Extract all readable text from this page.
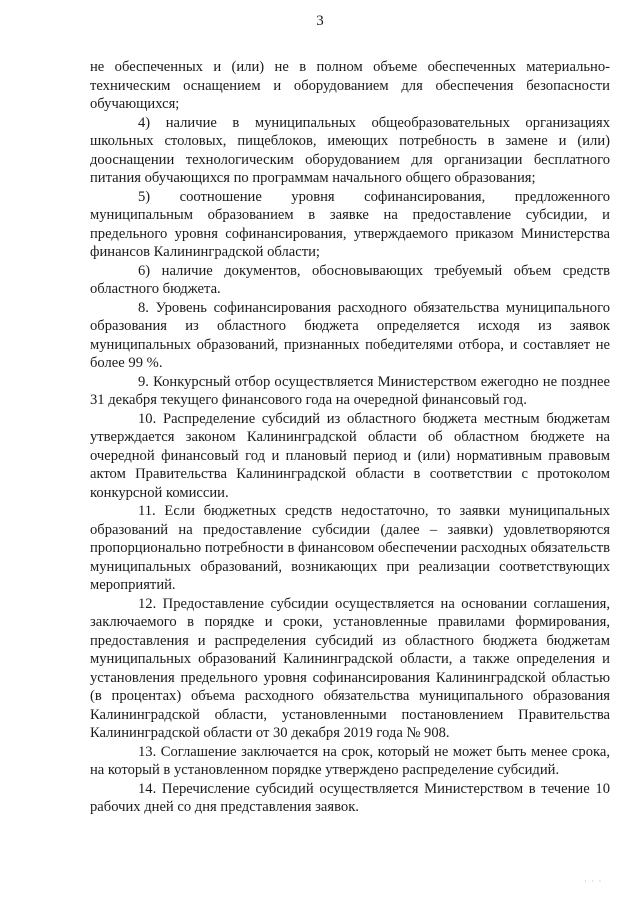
3

не обеспеченных и (или) не в полном объеме обеспеченных материально-техническим оснащением и оборудованием для обеспечения безопасности обучающихся;

4) наличие в муниципальных общеобразовательных организациях школьных столовых, пищеблоков, имеющих потребность в замене и (или) дооснащении технологическим оборудованием для организации бесплатного питания обучающихся по программам начального общего образования;

5) соотношение уровня софинансирования, предложенного муниципальным образованием в заявке на предоставление субсидии, и предельного уровня софинансирования, утверждаемого приказом Министерства финансов Калининградской области;

6) наличие документов, обосновывающих требуемый объем средств областного бюджета.

8. Уровень софинансирования расходного обязательства муниципального образования из областного бюджета определяется исходя из заявок муниципальных образований, признанных победителями отбора, и составляет не более 99 %.

9. Конкурсный отбор осуществляется Министерством ежегодно не позднее 31 декабря текущего финансового года на очередной финансовый год.

10. Распределение субсидий из областного бюджета местным бюджетам утверждается законом Калининградской области об областном бюджете на очередной финансовый год и плановый период и (или) нормативным правовым актом Правительства Калининградской области в соответствии с протоколом конкурсной комиссии.

11. Если бюджетных средств недостаточно, то заявки муниципальных образований на предоставление субсидии (далее – заявки) удовлетворяются пропорционально потребности в финансовом обеспечении расходных обязательств муниципальных образований, возникающих при реализации соответствующих мероприятий.

12. Предоставление субсидии осуществляется на основании соглашения, заключаемого в порядке и сроки, установленные правилами формирования, предоставления и распределения субсидий из областного бюджета бюджетам муниципальных образований Калининградской области, а также определения и установления предельного уровня софинансирования Калининградской областью (в процентах) объема расходного обязательства муниципального образования Калининградской области, установленными постановлением Правительства Калининградской области от 30 декабря 2019 года № 908.

13. Соглашение заключается на срок, который не может быть менее срока, на который в установленном порядке утверждено распределение субсидий.

14. Перечисление субсидий осуществляется Министерством в течение 10 рабочих дней со дня представления заявок.

· · ·
